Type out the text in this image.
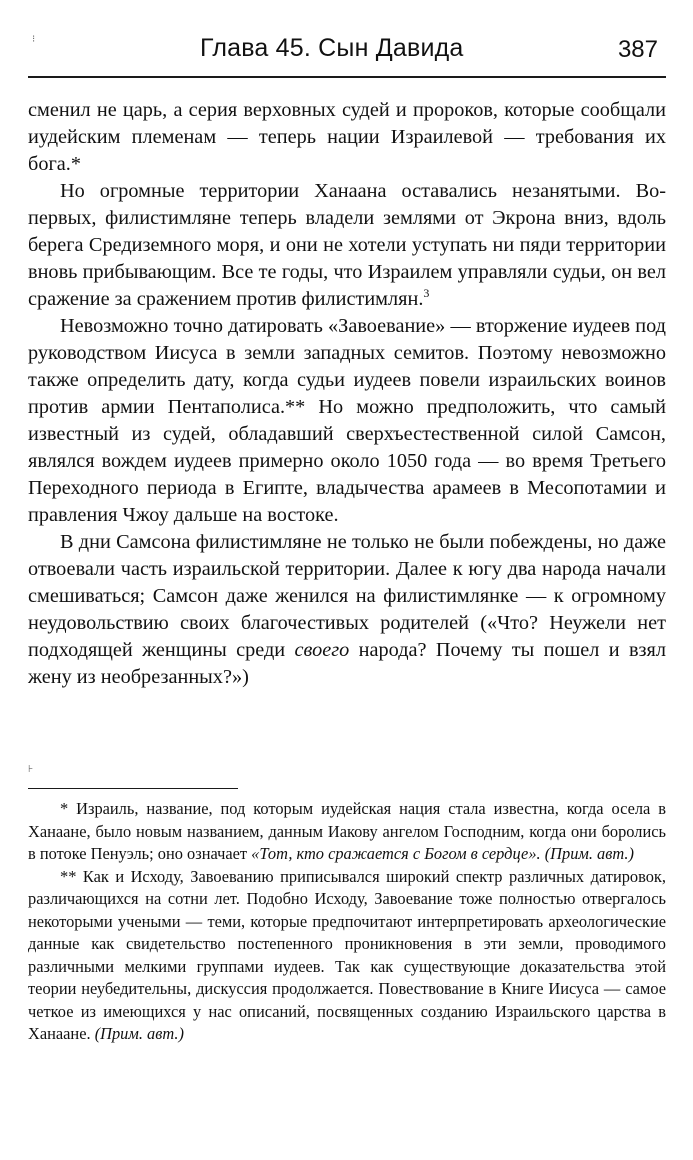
Глава 45. Сын Давида	387
⁝

сменил не царь, а серия верховных судей и пророков, которые сообщали иудейским племенам — теперь нации Израилевой — требования их бога.*

Но огромные территории Ханаана оставались незанятыми. Во-первых, филистимляне теперь владели землями от Экрона вниз, вдоль берега Средиземного моря, и они не хотели уступать ни пяди территории вновь прибывающим. Все те годы, что Израилем управляли судьи, он вел сражение за сражением против филистимлян.$^3$

Невозможно точно датировать «Завоевание» — вторжение иудеев под руководством Иисуса в земли западных семитов. Поэтому невозможно также определить дату, когда судьи иудеев повели израильских воинов против армии Пентаполиса.** Но можно предположить, что самый известный из судей, обладавший сверхъестественной силой Самсон, являлся вождем иудеев примерно около 1050 года — во время Третьего Переходного периода в Египте, владычества арамеев в Месопотамии и правления Чжоу дальше на востоке.

В дни Самсона филистимляне не только не были побеждены, но даже отвоевали часть израильской территории. Далее к югу два народа начали смешиваться; Самсон даже женился на филистимлянке — к огромному неудовольствию своих благочестивых родителей («Что? Неужели нет подходящей женщины среди своего народа? Почему ты пошел и взял жену из необрезанных?»)

⊦

* Израиль, название, под которым иудейская нация стала известна, когда осела в Ханаане, было новым названием, данным Иакову ангелом Господним, когда они боролись в потоке Пенуэль; оно означает «Тот, кто сражается с Богом в сердце». (Прим. авт.)

** Как и Исходу, Завоеванию приписывался широкий спектр различных датировок, различающихся на сотни лет. Подобно Исходу, Завоевание тоже полностью отвергалось некоторыми учеными — теми, которые предпочитают интерпретировать археологические данные как свидетельство постепенного проникновения в эти земли, проводимого различными мелкими группами иудеев. Так как существующие доказательства этой теории неубедительны, дискуссия продолжается. Повествование в Книге Иисуса — самое четкое из имеющихся у нас описаний, посвященных созданию Израильского царства в Ханаане. (Прим. авт.)
